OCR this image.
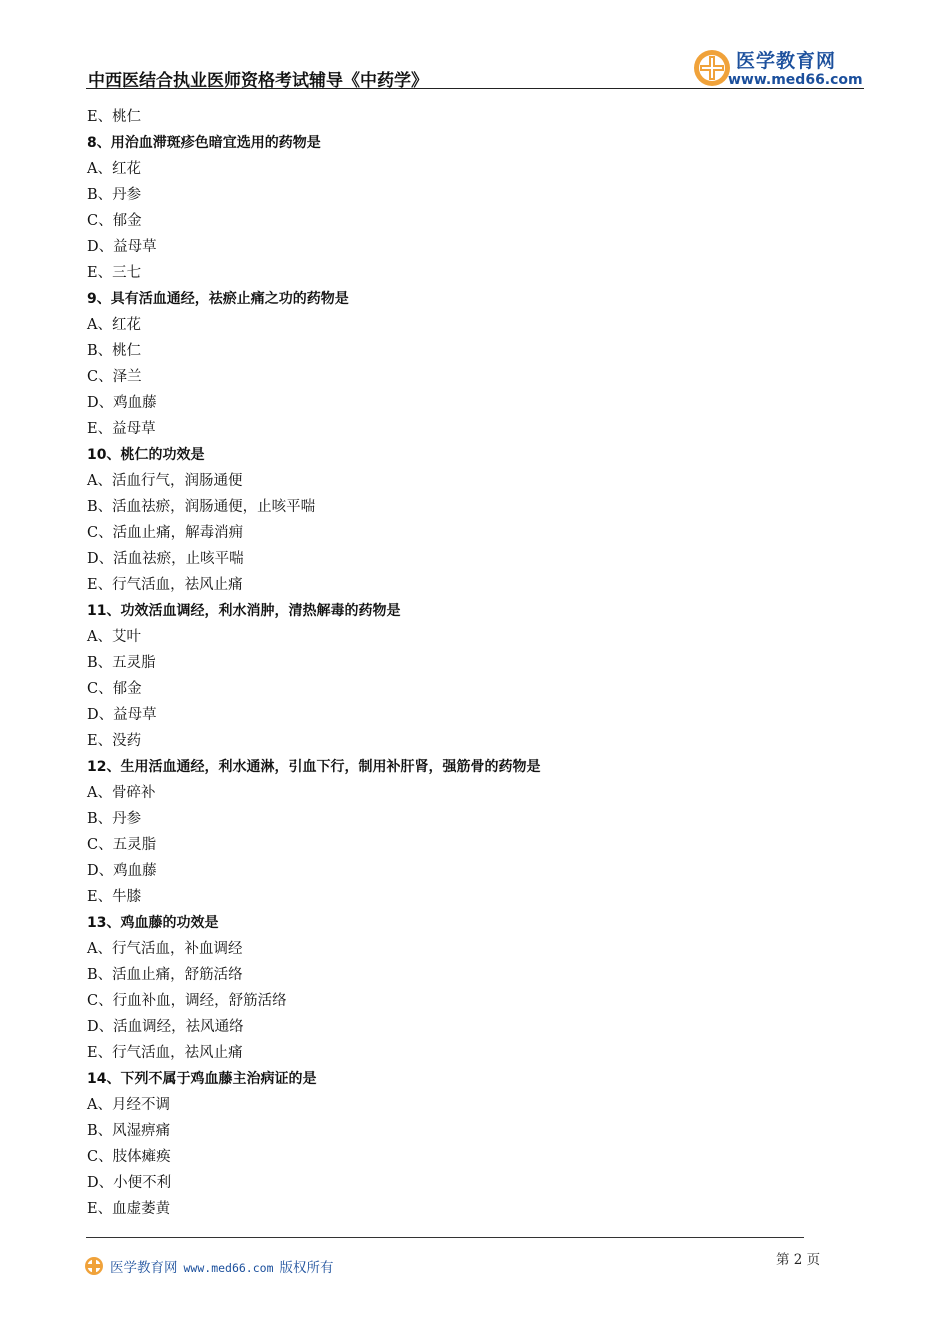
中西医结合执业医师资格考试辅导《中药学》
医学教育网
www.med66.com
E、桃仁
8、用治血滞斑疹色暗宜选用的药物是
A、红花
B、丹参
C、郁金
D、益母草
E、三七
9、具有活血通经，祛瘀止痛之功的药物是
A、红花
B、桃仁
C、泽兰
D、鸡血藤
E、益母草
10、桃仁的功效是
A、活血行气，润肠通便
B、活血祛瘀，润肠通便，止咳平喘
C、活血止痛，解毒消痈
D、活血祛瘀，止咳平喘
E、行气活血，祛风止痛
11、功效活血调经，利水消肿，清热解毒的药物是
A、艾叶
B、五灵脂
C、郁金
D、益母草
E、没药
12、生用活血通经，利水通淋，引血下行，制用补肝肾，强筋骨的药物是
A、骨碎补
B、丹参
C、五灵脂
D、鸡血藤
E、牛膝
13、鸡血藤的功效是
A、行气活血，补血调经
B、活血止痛，舒筋活络
C、行血补血，调经，舒筋活络
D、活血调经，祛风通络
E、行气活血，祛风止痛
14、下列不属于鸡血藤主治病证的是
A、月经不调
B、风湿痹痛
C、肢体瘫痪
D、小便不利
E、血虚萎黄
医学教育网 www.med66.com 版权所有	第 2 页
